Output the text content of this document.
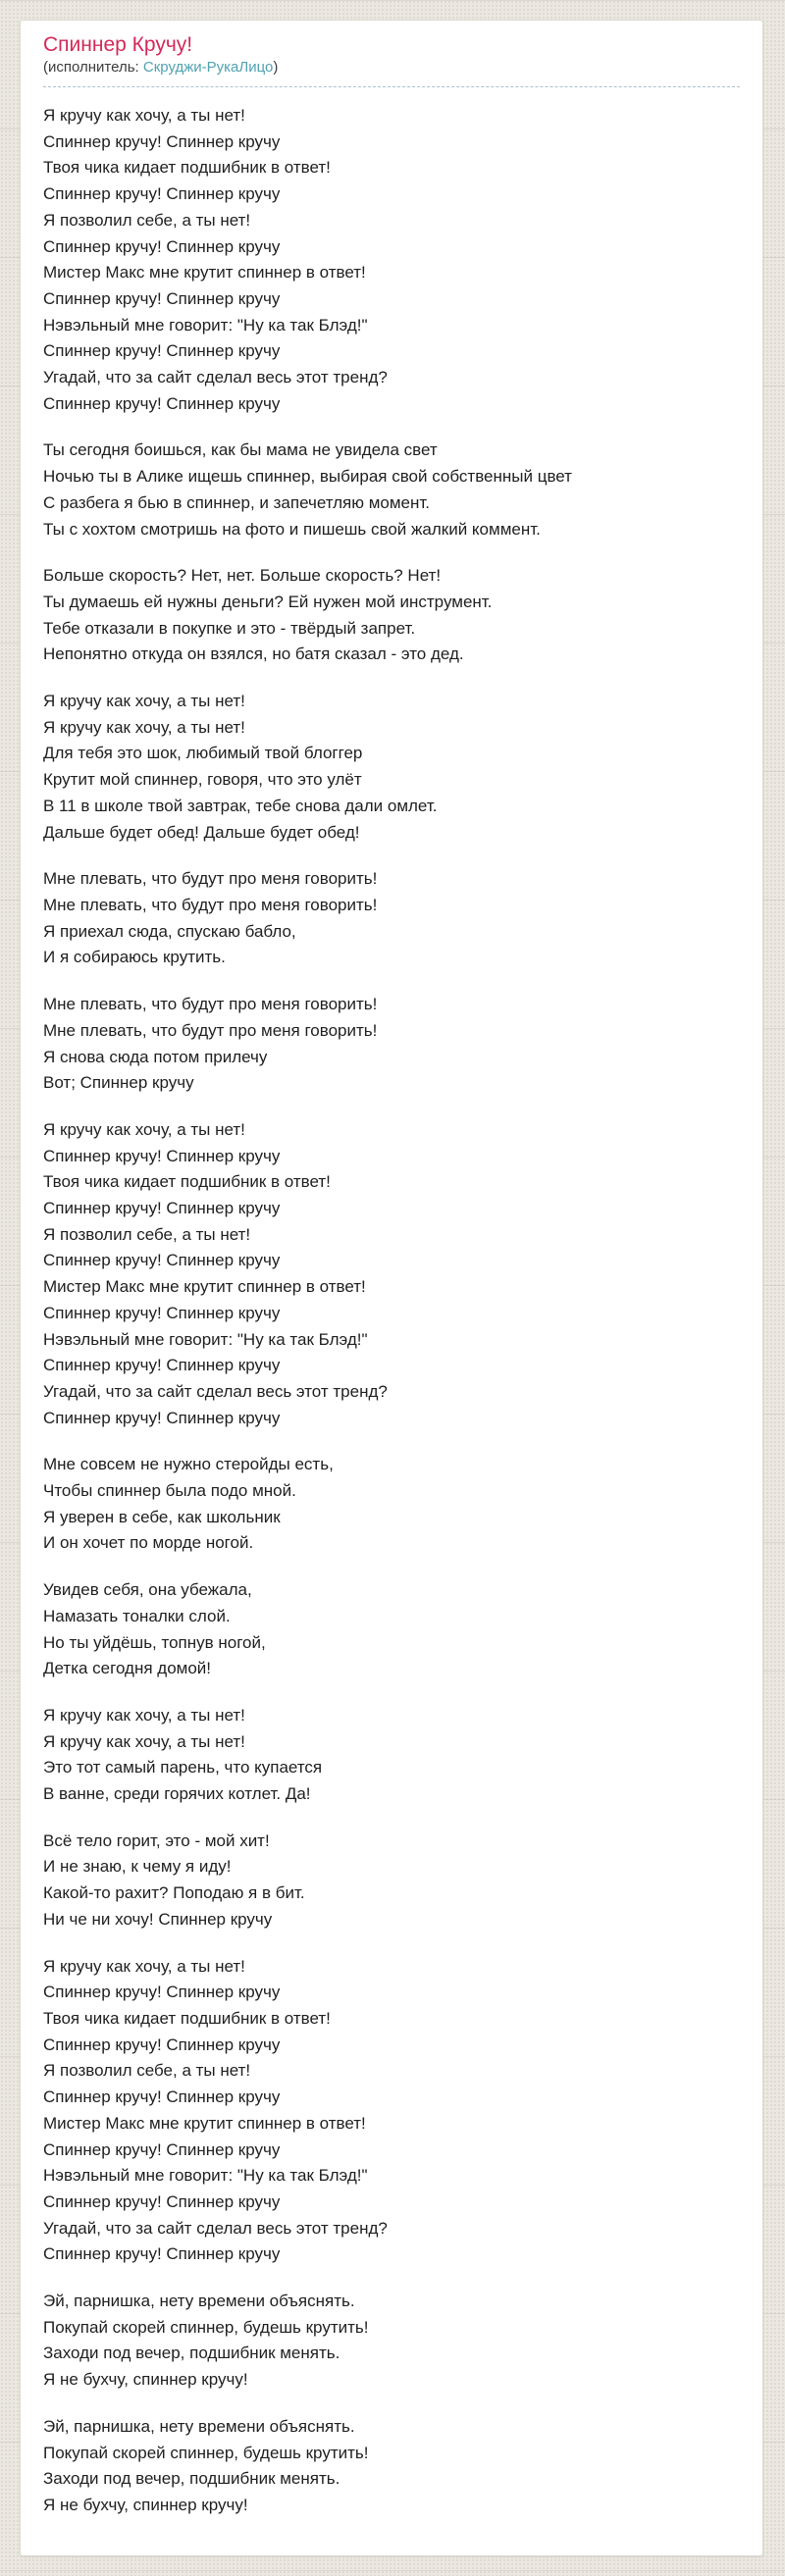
Спиннер Кручу!
(исполнитель: Скруджи-РукаЛицо)

Я кручу как хочу, а ты нет!
Спиннер кручу! Спиннер кручу
Твоя чика кидает подшибник в ответ!
Спиннер кручу! Спиннер кручу
Я позволил себе, а ты нет!
Спиннер кручу! Спиннер кручу
Мистер Макс мне крутит спиннер в ответ!
Спиннер кручу! Спиннер кручу
Нэвэльный мне говорит: "Ну ка так Блэд!"
Спиннер кручу! Спиннер кручу
Угадай, что за сайт сделал весь этот тренд?
Спиннер кручу! Спиннер кручу

Ты сегодня боишься, как бы мама не увидела свет
Ночью ты в Алике ищешь спиннер, выбирая свой собственный цвет
С разбега я бью в спиннер, и запечетляю момент.
Ты с хохтом смотришь на фото и пишешь свой жалкий коммент.

Больше скорость? Нет, нет. Больше скорость? Нет!
Ты думаешь ей нужны деньги? Ей нужен мой инструмент.
Тебе отказали в покупке и это - твёрдый запрет.
Непонятно откуда он взялся, но батя сказал - это дед.

Я кручу как хочу, а ты нет!
Я кручу как хочу, а ты нет!
Для тебя это шок, любимый твой блоггер
Крутит мой спиннер, говоря, что это улёт
В 11 в школе твой завтрак, тебе снова дали омлет.
Дальше будет обед! Дальше будет обед!

Мне плевать, что будут про меня говорить!
Мне плевать, что будут про меня говорить!
Я приехал сюда, спускаю бабло,
И я собираюсь крутить.

Мне плевать, что будут про меня говорить!
Мне плевать, что будут про меня говорить!
Я снова сюда потом прилечу
Вот; Спиннер кручу

Я кручу как хочу, а ты нет!
Спиннер кручу! Спиннер кручу
Твоя чика кидает подшибник в ответ!
Спиннер кручу! Спиннер кручу
Я позволил себе, а ты нет!
Спиннер кручу! Спиннер кручу
Мистер Макс мне крутит спиннер в ответ!
Спиннер кручу! Спиннер кручу
Нэвэльный мне говорит: "Ну ка так Блэд!"
Спиннер кручу! Спиннер кручу
Угадай, что за сайт сделал весь этот тренд?
Спиннер кручу! Спиннер кручу

Мне совсем не нужно стеройды есть,
Чтобы спиннер была подо мной.
Я уверен в себе, как школьник
И он хочет по морде ногой.

Увидев себя, она убежала,
Намазать тоналки слой.
Но ты уйдёшь, топнув ногой,
Детка сегодня домой!

Я кручу как хочу, а ты нет!
Я кручу как хочу, а ты нет!
Это тот самый парень, что купается
В ванне, среди горячих котлет. Да!

Всё тело горит, это - мой хит!
И не знаю, к чему я иду!
Какой-то рахит? Поподаю я в бит.
Ни че ни хочу! Спиннер кручу

Я кручу как хочу, а ты нет!
Спиннер кручу! Спиннер кручу
Твоя чика кидает подшибник в ответ!
Спиннер кручу! Спиннер кручу
Я позволил себе, а ты нет!
Спиннер кручу! Спиннер кручу
Мистер Макс мне крутит спиннер в ответ!
Спиннер кручу! Спиннер кручу
Нэвэльный мне говорит: "Ну ка так Блэд!"
Спиннер кручу! Спиннер кручу
Угадай, что за сайт сделал весь этот тренд?
Спиннер кручу! Спиннер кручу

Эй, парнишка, нету времени объяснять.
Покупай скорей спиннер, будешь крутить!
Заходи под вечер, подшибник менять.
Я не бухчу, спиннер кручу!

Эй, парнишка, нету времени объяснять.
Покупай скорей спиннер, будешь крутить!
Заходи под вечер, подшибник менять.
Я не бухчу, спиннер кручу!
